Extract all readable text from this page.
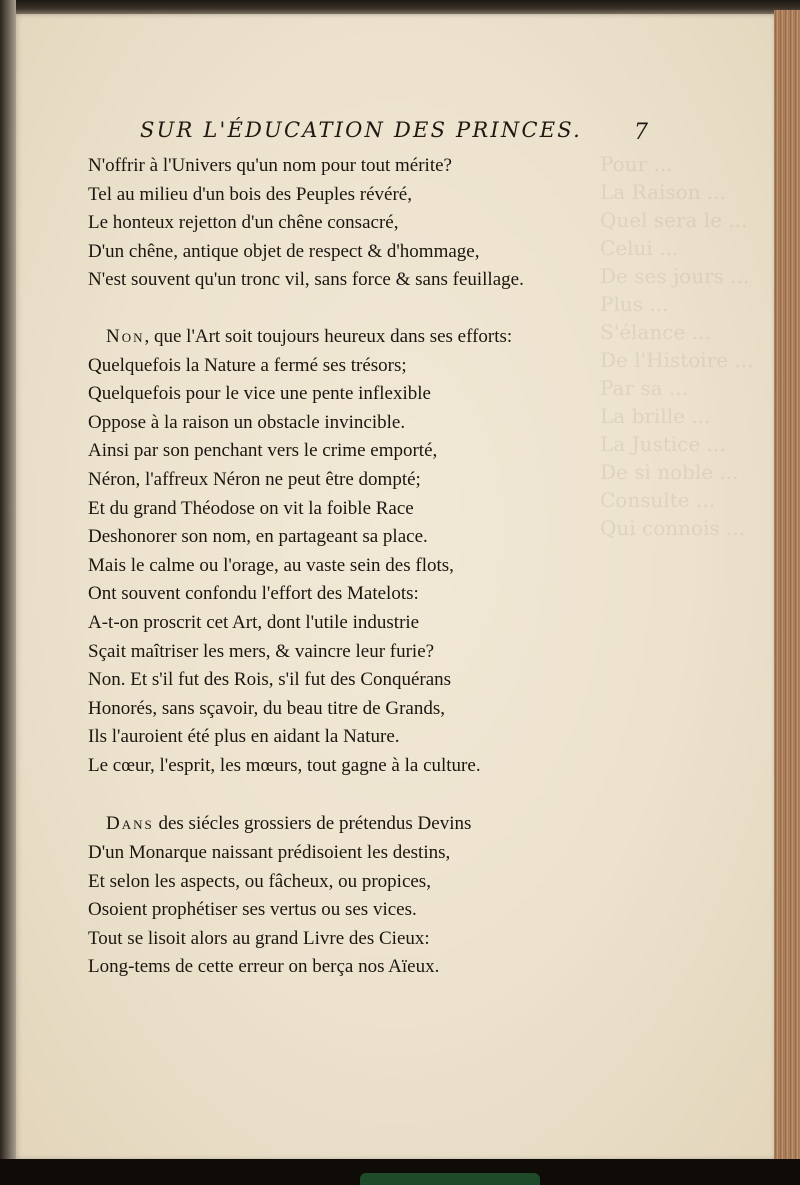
SUR L'ÉDUCATION DES PRINCES. 7
N'offrir à l'Univers qu'un nom pour tout mérite?
Tel au milieu d'un bois des Peuples révéré,
Le honteux rejetton d'un chêne consacré,
D'un chêne, antique objet de respect & d'hommage,
N'est souvent qu'un tronc vil, sans force & sans feuillage.
Non, que l'Art soit toujours heureux dans ses efforts:
Quelquefois la Nature a fermé ses trésors;
Quelquefois pour le vice une pente inflexible
Oppose à la raison un obstacle invincible.
Ainsi par son penchant vers le crime emporté,
Néron, l'affreux Néron ne peut être dompté;
Et du grand Théodose on vit la foible Race
Deshonorer son nom, en partageant sa place.
Mais le calme ou l'orage, au vaste sein des flots,
Ont souvent confondu l'effort des Matelots:
A-t-on proscrit cet Art, dont l'utile industrie
Sçait maîtriser les mers, & vaincre leur furie?
Non. Et s'il fut des Rois, s'il fut des Conquérans
Honorés, sans sçavoir, du beau titre de Grands,
Ils l'auroient été plus en aidant la Nature.
Le cœur, l'esprit, les mœurs, tout gagne à la culture.
Dans des siécles grossiers de prétendus Devins
D'un Monarque naissant prédisoient les destins,
Et selon les aspects, ou fâcheux, ou propices,
Osoient prophétiser ses vertus ou ses vices.
Tout se lisoit alors au grand Livre des Cieux:
Long-tems de cette erreur on berça nos Aïeux.
